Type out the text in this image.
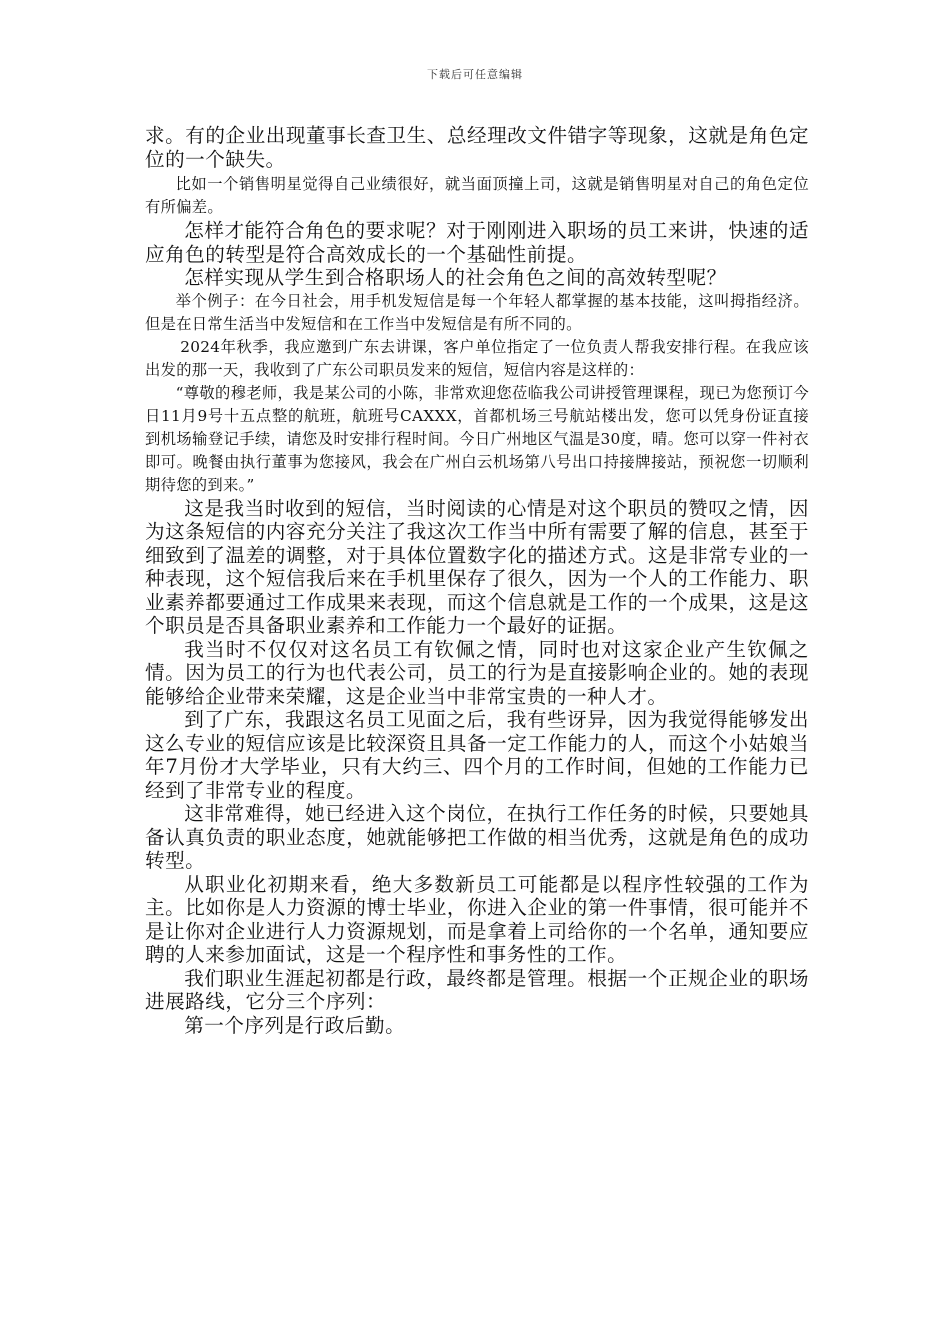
下载后可任意编辑

求。有的企业出现董事长查卫生、总经理改文件错字等现象，这就是角色定位的一个缺失。

比如一个销售明星觉得自己业绩很好，就当面顶撞上司，这就是销售明星对自己的角色定位有所偏差。

怎样才能符合角色的要求呢？对于刚刚进入职场的员工来讲，快速的适应角色的转型是符合高效成长的一个基础性前提。

怎样实现从学生到合格职场人的社会角色之间的高效转型呢？

举个例子：在今日社会，用手机发短信是每一个年轻人都掌握的基本技能，这叫拇指经济。但是在日常生活当中发短信和在工作当中发短信是有所不同的。

2024年秋季，我应邀到广东去讲课，客户单位指定了一位负责人帮我安排行程。在我应该出发的那一天，我收到了广东公司职员发来的短信，短信内容是这样的：

“尊敬的穆老师，我是某公司的小陈，非常欢迎您莅临我公司讲授管理课程，现已为您预订今日11月9号十五点整的航班，航班号CAXXX，首都机场三号航站楼出发，您可以凭身份证直接到机场输登记手续，请您及时安排行程时间。今日广州地区气温是30度，晴。您可以穿一件衬衣即可。晚餐由执行董事为您接风，我会在广州白云机场第八号出口持接牌接站，预祝您一切顺利期待您的到来。”

这是我当时收到的短信，当时阅读的心情是对这个职员的赞叹之情，因为这条短信的内容充分关注了我这次工作当中所有需要了解的信息，甚至于细致到了温差的调整，对于具体位置数字化的描述方式。这是非常专业的一种表现，这个短信我后来在手机里保存了很久，因为一个人的工作能力、职业素养都要通过工作成果来表现，而这个信息就是工作的一个成果，这是这个职员是否具备职业素养和工作能力一个最好的证据。

我当时不仅仅对这名员工有钦佩之情，同时也对这家企业产生钦佩之情。因为员工的行为也代表公司，员工的行为是直接影响企业的。她的表现能够给企业带来荣耀，这是企业当中非常宝贵的一种人才。

到了广东，我跟这名员工见面之后，我有些讶异，因为我觉得能够发出这么专业的短信应该是比较深资且具备一定工作能力的人，而这个小姑娘当年7月份才大学毕业，只有大约三、四个月的工作时间，但她的工作能力已经到了非常专业的程度。

这非常难得，她已经进入这个岗位，在执行工作任务的时候，只要她具备认真负责的职业态度，她就能够把工作做的相当优秀，这就是角色的成功转型。

从职业化初期来看，绝大多数新员工可能都是以程序性较强的工作为主。比如你是人力资源的博士毕业，你进入企业的第一件事情，很可能并不是让你对企业进行人力资源规划，而是拿着上司给你的一个名单，通知要应聘的人来参加面试，这是一个程序性和事务性的工作。

我们职业生涯起初都是行政，最终都是管理。根据一个正规企业的职场进展路线，它分三个序列：

第一个序列是行政后勤。
